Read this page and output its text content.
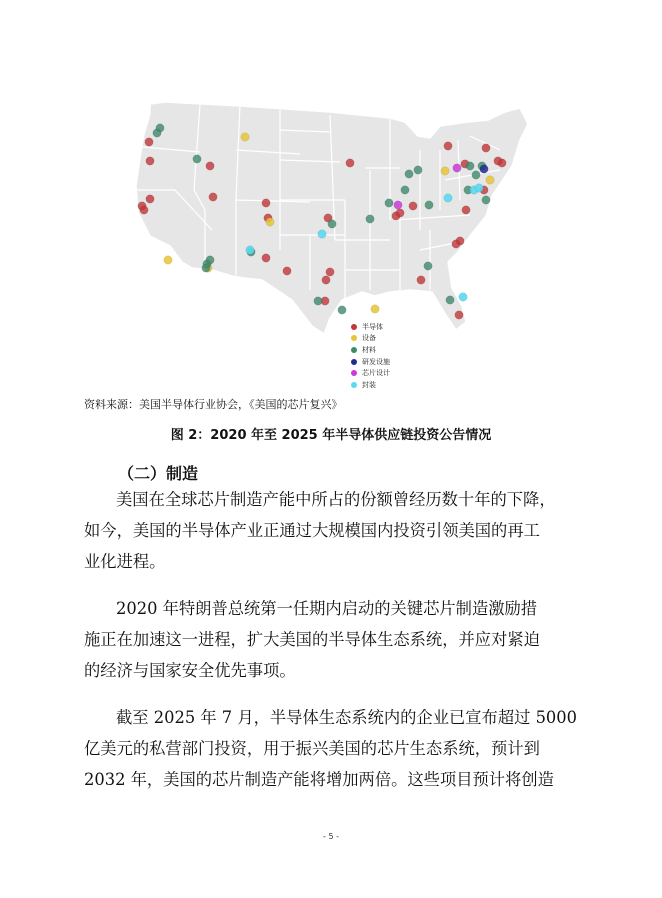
半导体
设备
材料
研发设施
芯片设计
封装
资料来源：美国半导体行业协会，《美国的芯片复兴》
图 2：2020 年至 2025 年半导体供应链投资公告情况
（二）制造
美国在全球芯片制造产能中所占的份额曾经历数十年的下降，
如今，美国的半导体产业正通过大规模国内投资引领美国的再工
业化进程。
2020 年特朗普总统第一任期内启动的关键芯片制造激励措
施正在加速这一进程，扩大美国的半导体生态系统，并应对紧迫
的经济与国家安全优先事项。
截至 2025 年 7 月，半导体生态系统内的企业已宣布超过 5000
亿美元的私营部门投资，用于振兴美国的芯片生态系统，预计到
2032 年，美国的芯片制造产能将增加两倍。这些项目预计将创造
- 5 -
